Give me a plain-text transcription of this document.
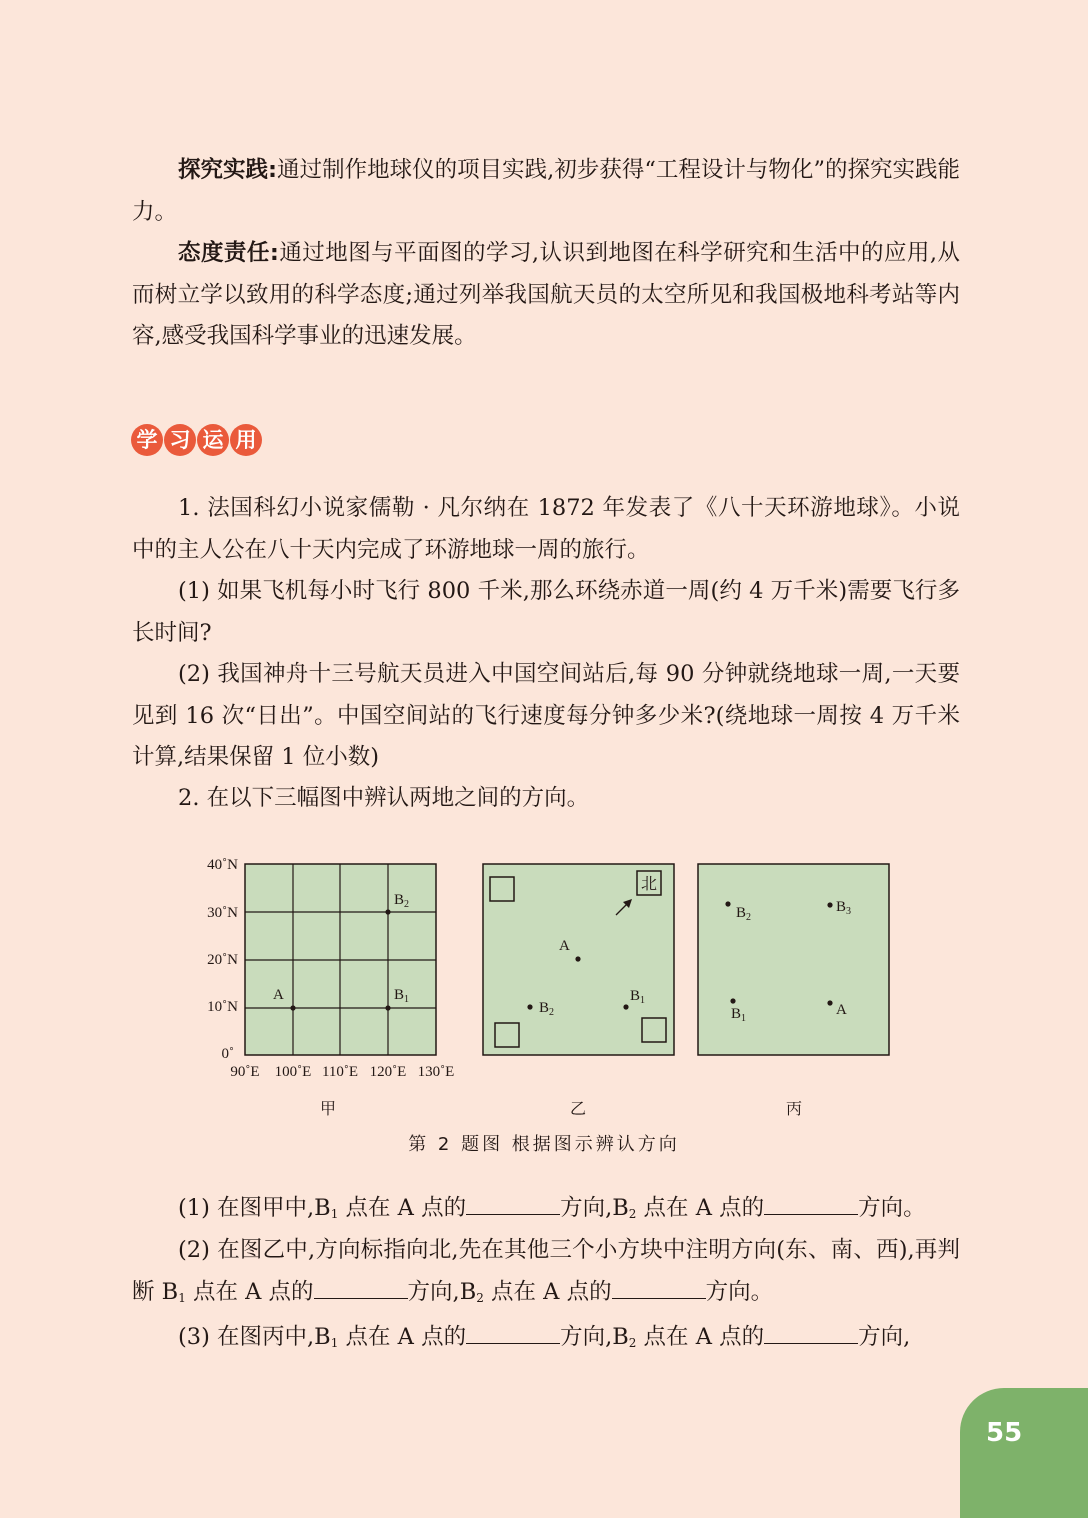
探究实践:通过制作地球仪的项目实践,初步获得“工程设计与物化”的探究实践能力。
态度责任:通过地图与平面图的学习,认识到地图在科学研究和生活中的应用,从而树立学以致用的科学态度;通过列举我国航天员的太空所见和我国极地科考站等内容,感受我国科学事业的迅速发展。
学 习 运 用
1. 法国科幻小说家儒勒 · 凡尔纳在 1872 年发表了《八十天环游地球》。小说中的主人公在八十天内完成了环游地球一周的旅行。
(1) 如果飞机每小时飞行 800 千米,那么环绕赤道一周(约 4 万千米)需要飞行多长时间?
(2) 我国神舟十三号航天员进入中国空间站后,每 90 分钟就绕地球一周,一天要见到 16 次“日出”。中国空间站的飞行速度每分钟多少米?(绕地球一周按 4 万千米计算,结果保留 1 位小数)
2. 在以下三幅图中辨认两地之间的方向。
40˚N
30˚N
20˚N
10˚N
0˚
90˚E 100˚E 110˚E 120˚E 130˚E
A	$B_1$
$B_2$
北
A
$B_2$
$B_1$
$B_2$
$B_3$
$B_1$
A
甲	乙	丙
第 2 题图 根据图示辨认方向
(1) 在图甲中$,B_1$ 点在 A 点的	方向$,B_2$ 点在 A 点的	方向。
(2) 在图乙中,方向标指向北,先在其他三个小方块中注明方向(东、南、西),再判断 $B_1$ 点在 A 点的	方向$,B_2$ 点在 A 点的	方向。
(3) 在图丙中$,B_1$ 点在 A 点的	方向$,B_2$ 点在 A 点的	方向,
55
